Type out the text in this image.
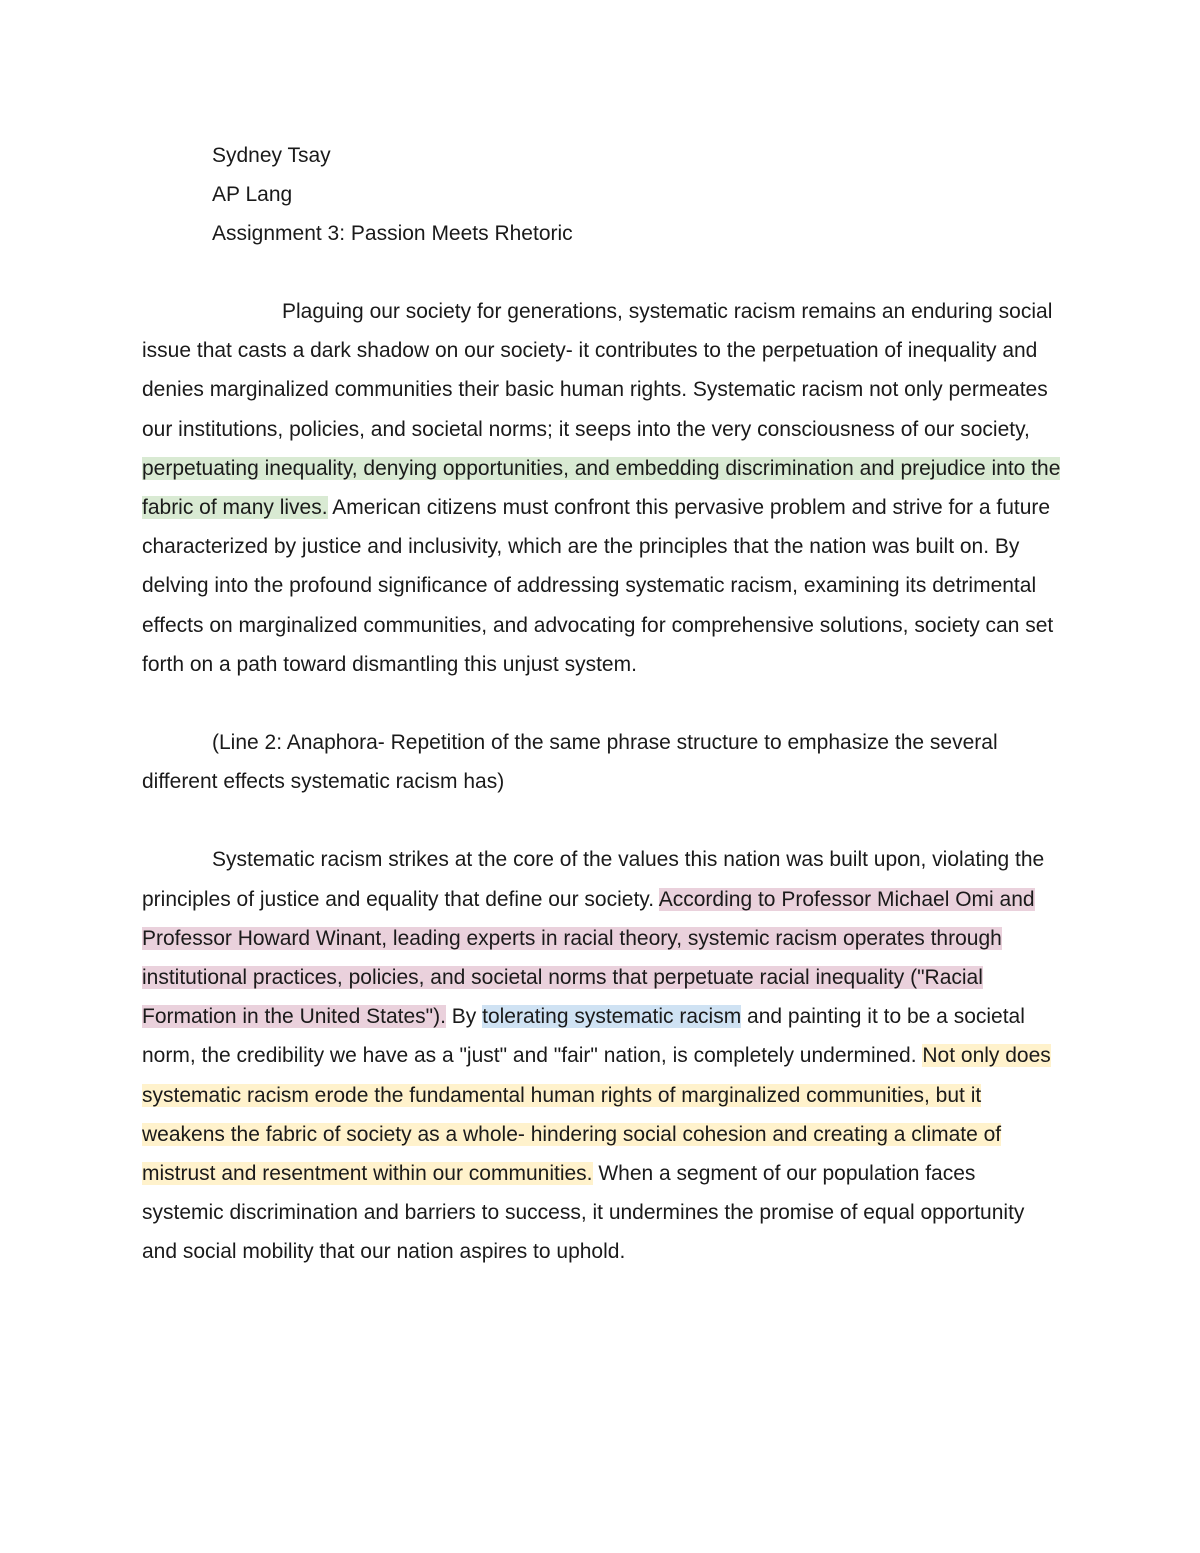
Sydney Tsay
AP Lang
Assignment 3: Passion Meets Rhetoric

Plaguing our society for generations, systematic racism remains an enduring social issue that casts a dark shadow on our society- it contributes to the perpetuation of inequality and denies marginalized communities their basic human rights. Systematic racism not only permeates our institutions, policies, and societal norms; it seeps into the very consciousness of our society, perpetuating inequality, denying opportunities, and embedding discrimination and prejudice into the fabric of many lives. American citizens must confront this pervasive problem and strive for a future characterized by justice and inclusivity, which are the principles that the nation was built on. By delving into the profound significance of addressing systematic racism, examining its detrimental effects on marginalized communities, and advocating for comprehensive solutions, society can set forth on a path toward dismantling this unjust system.

(Line 2: Anaphora- Repetition of the same phrase structure to emphasize the several different effects systematic racism has)

Systematic racism strikes at the core of the values this nation was built upon, violating the principles of justice and equality that define our society. According to Professor Michael Omi and Professor Howard Winant, leading experts in racial theory, systemic racism operates through institutional practices, policies, and societal norms that perpetuate racial inequality ("Racial Formation in the United States"). By tolerating systematic racism and painting it to be a societal norm, the credibility we have as a "just" and "fair" nation, is completely undermined. Not only does systematic racism erode the fundamental human rights of marginalized communities, but it weakens the fabric of society as a whole- hindering social cohesion and creating a climate of mistrust and resentment within our communities. When a segment of our population faces systemic discrimination and barriers to success, it undermines the promise of equal opportunity and social mobility that our nation aspires to uphold.
